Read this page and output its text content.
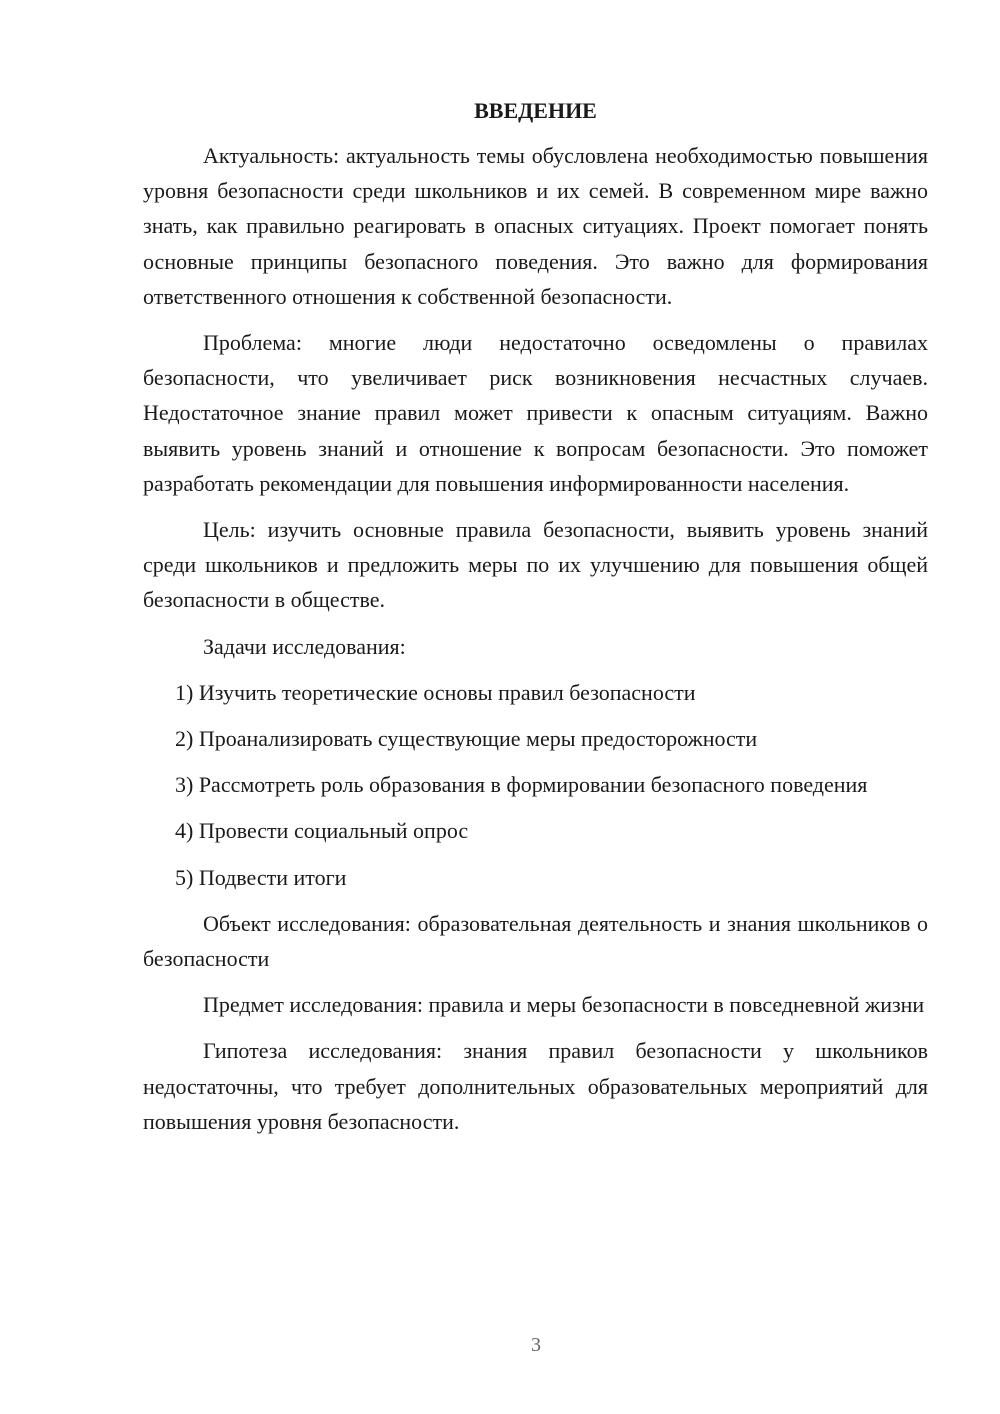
ВВЕДЕНИЕ

Актуальность: актуальность темы обусловлена необходимостью повышения уровня безопасности среди школьников и их семей. В современном мире важно знать, как правильно реагировать в опасных ситуациях. Проект помогает понять основные принципы безопасного поведения. Это важно для формирования ответственного отношения к собственной безопасности.

Проблема: многие люди недостаточно осведомлены о правилах безопасности, что увеличивает риск возникновения несчастных случаев. Недостаточное знание правил может привести к опасным ситуациям. Важно выявить уровень знаний и отношение к вопросам безопасности. Это поможет разработать рекомендации для повышения информированности населения.

Цель: изучить основные правила безопасности, выявить уровень знаний среди школьников и предложить меры по их улучшению для повышения общей безопасности в обществе.

Задачи исследования:

1) Изучить теоретические основы правил безопасности

2) Проанализировать существующие меры предосторожности

3) Рассмотреть роль образования в формировании безопасного поведения

4) Провести социальный опрос

5) Подвести итоги

Объект исследования: образовательная деятельность и знания школьников о безопасности

Предмет исследования: правила и меры безопасности в повседневной жизни

Гипотеза исследования: знания правил безопасности у школьников недостаточны, что требует дополнительных образовательных мероприятий для повышения уровня безопасности.

3
